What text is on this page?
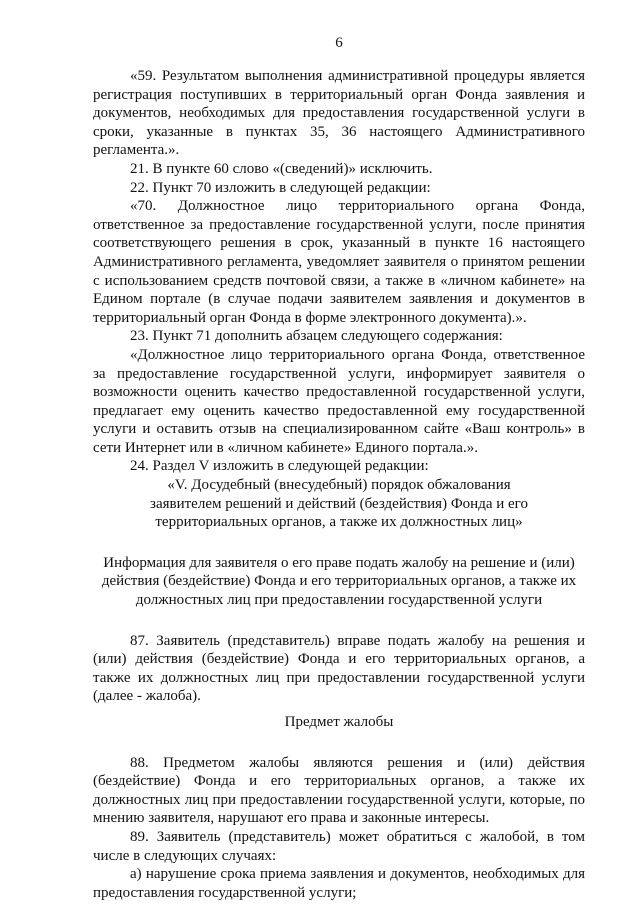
6

«59. Результатом выполнения административной процедуры является регистрация поступивших в территориальный орган Фонда заявления и документов, необходимых для предоставления государственной услуги в сроки, указанные в пунктах 35, 36 настоящего Административного регламента.».

21. В пункте 60 слово «(сведений)» исключить.

22. Пункт 70 изложить в следующей редакции:

«70. Должностное лицо территориального органа Фонда, ответственное за предоставление государственной услуги, после принятия соответствующего решения в срок, указанный в пункте 16 настоящего Административного регламента, уведомляет заявителя о принятом решении с использованием средств почтовой связи, а также в «личном кабинете» на Едином портале (в случае подачи заявителем заявления и документов в территориальный орган Фонда в форме электронного документа).».

23. Пункт 71 дополнить абзацем следующего содержания:

«Должностное лицо территориального органа Фонда, ответственное за предоставление государственной услуги, информирует заявителя о возможности оценить качество предоставленной государственной услуги, предлагает ему оценить качество предоставленной ему государственной услуги и оставить отзыв на специализированном сайте «Ваш контроль» в сети Интернет или в «личном кабинете» Единого портала.».

24. Раздел V изложить в следующей редакции:

«V. Досудебный (внесудебный) порядок обжалования
заявителем решений и действий (бездействия) Фонда и его
территориальных органов, а также их должностных лиц»
Информация для заявителя о его праве подать жалобу на решение и (или)
действия (бездействие) Фонда и его территориальных органов, а также их
должностных лиц при предоставлении государственной услуги

87. Заявитель (представитель) вправе подать жалобу на решения и (или) действия (бездействие) Фонда и его территориальных органов, а также их должностных лиц при предоставлении государственной услуги (далее - жалоба).

Предмет жалобы

88. Предметом жалобы являются решения и (или) действия (бездействие) Фонда и его территориальных органов, а также их должностных лиц при предоставлении государственной услуги, которые, по мнению заявителя, нарушают его права и законные интересы.

89. Заявитель (представитель) может обратиться с жалобой, в том числе в следующих случаях:

а) нарушение срока приема заявления и документов, необходимых для предоставления государственной услуги;
